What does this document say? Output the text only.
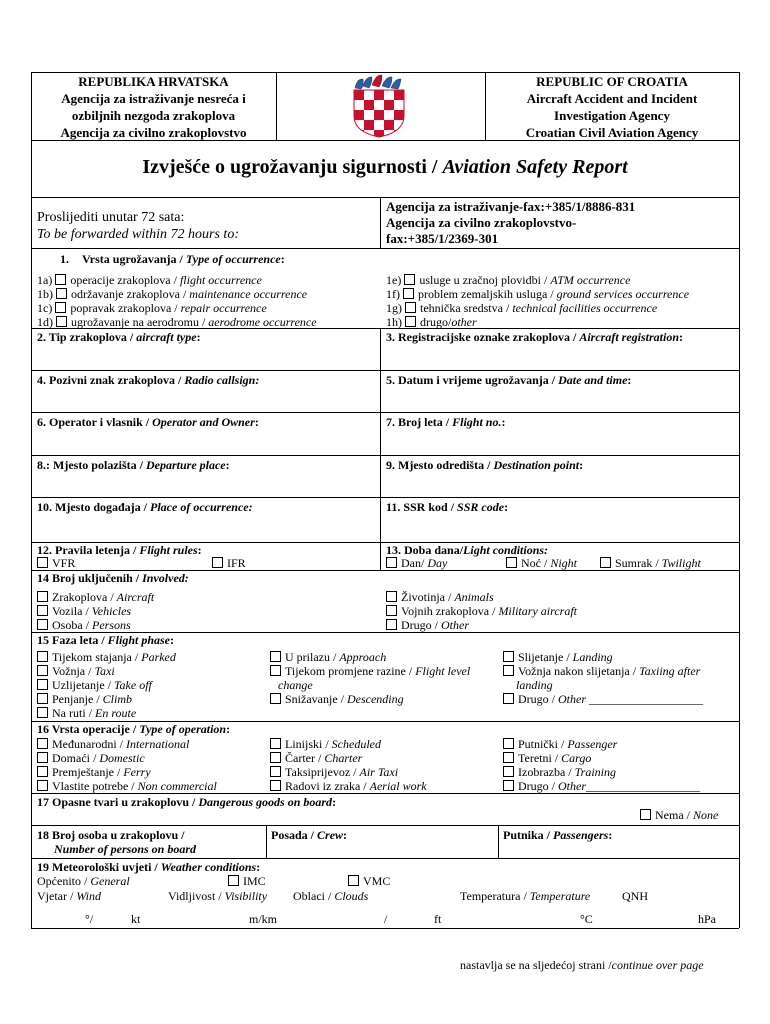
REPUBLIKA HRVATSKA
Agencija za istraživanje nesreća i
ozbiljnih nezgoda zrakoplova
Agencija za civilno zrakoplovstvo
REPUBLIC OF CROATIA
Aircraft Accident and Incident
Investigation Agency
Croatian Civil Aviation Agency
Izvješće o ugrožavanju sigurnosti / Aviation Safety Report
Proslijediti unutar 72 sata:
To be forwarded within 72 hours to:
Agencija za istraživanje-fax:+385/1/8886-831
Agencija za civilno zrakoplovstvo-
fax:+385/1/2369-301
1. Vrsta ugrožavanja / Type of occurrence:
1a) operacije zrakoplova / flight occurrence
1b) održavanje zrakoplova / maintenance occurrence
1c) popravak zrakoplova / repair occurrence
1d) ugrožavanje na aerodromu / aerodrome occurrence
1e) usluge u zračnoj plovidbi / ATM occurrence
1f) problem zemaljskih usluga / ground services occurrence
1g) tehnička sredstva / technical facilities occurrence
1h) drugo/other
2. Tip zrakoplova / aircraft type:	3. Registracijske oznake zrakoplova / Aircraft registration:
4. Pozivni znak zrakoplova / Radio callsign:	5. Datum i vrijeme ugrožavanja / Date and time:
6. Operator i vlasnik / Operator and Owner:	7. Broj leta / Flight no.:
8.: Mjesto polazišta / Departure place:	9. Mjesto odredišta / Destination point:
10. Mjesto događaja / Place of occurrence:	11. SSR kod / SSR code:
12. Pravila letenja / Flight rules:
VFR	IFR
13. Doba dana/Light conditions:
Dan/ Day	Noć / Night	Sumrak / Twilight
14 Broj uključenih / Involved:
Zrakoplova / Aircraft
Vozila / Vehicles
Osoba / Persons
Životinja / Animals
Vojnih zrakoplova / Military aircraft
Drugo / Other
15 Faza leta / Flight phase:
Tijekom stajanja / Parked
Vožnja / Taxi
Uzlijetanje / Take off
Penjanje / Climb
Na ruti / En route
U prilazu / Approach
Tijekom promjene razine / Flight level
change
Snižavanje / Descending
Slijetanje / Landing
Vožnja nakon slijetanja / Taxiing after
landing
Drugo / Other ___________________
16 Vrsta operacije / Type of operation:
Međunarodni / International
Domaći / Domestic
Premještanje / Ferry
Vlastite potrebe / Non commercial
Linijski / Scheduled
Čarter / Charter
Taksiprijevoz / Air Taxi
Radovi iz zraka / Aerial work
Putnički / Passenger
Teretni / Cargo
Izobrazba / Training
Drugo / Other___________________
17 Opasne tvari u zrakoplovu / Dangerous goods on board:
Nema / None
18 Broj osoba u zrakoplovu /
Number of persons on board
Posada / Crew:	Putnika / Passengers:
19 Meteorološki uvjeti / Weather conditions:
Općenito / General	IMC	VMC
Vjetar / Wind	Vidljivost / Visibility Oblaci / Clouds	Temperatura / Temperature	QNH
°/	kt	m/km	/	ft	°C	hPa
nastavlja se na sljedećoj strani /continue over page
